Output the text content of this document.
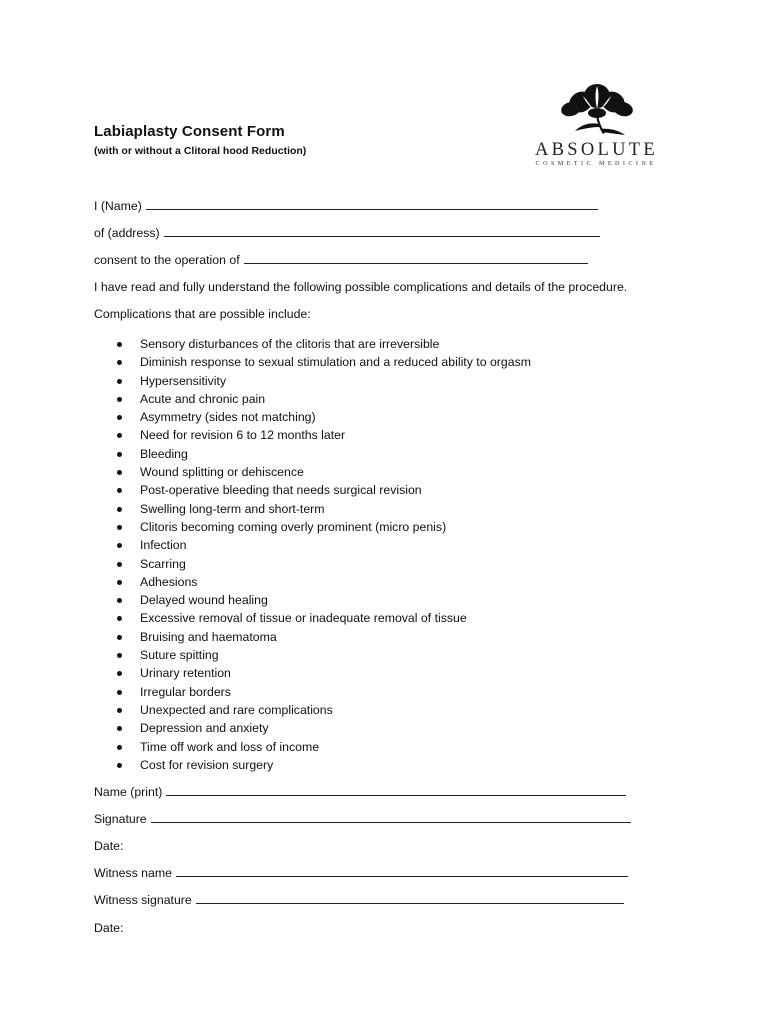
Labiaplasty Consent Form
(with or without a Clitoral hood Reduction)	ABSOLUTE
COSMETIC MEDICINE
I (Name)
of (address)
consent to the operation of
I have read and fully understand the following possible complications and details of the procedure.
Complications that are possible include:
Sensory disturbances of the clitoris that are irreversible
Diminish response to sexual stimulation and a reduced ability to orgasm
Hypersensitivity
Acute and chronic pain
Asymmetry (sides not matching)
Need for revision 6 to 12 months later
Bleeding
Wound splitting or dehiscence
Post-operative bleeding that needs surgical revision
Swelling long-term and short-term
Clitoris becoming coming overly prominent (micro penis)
Infection
Scarring
Adhesions
Delayed wound healing
Excessive removal of tissue or inadequate removal of tissue
Bruising and haematoma
Suture spitting
Urinary retention
Irregular borders
Unexpected and rare complications
Depression and anxiety
Time off work and loss of income
Cost for revision surgery
Name (print)
Signature
Date:
Witness name
Witness signature
Date:
